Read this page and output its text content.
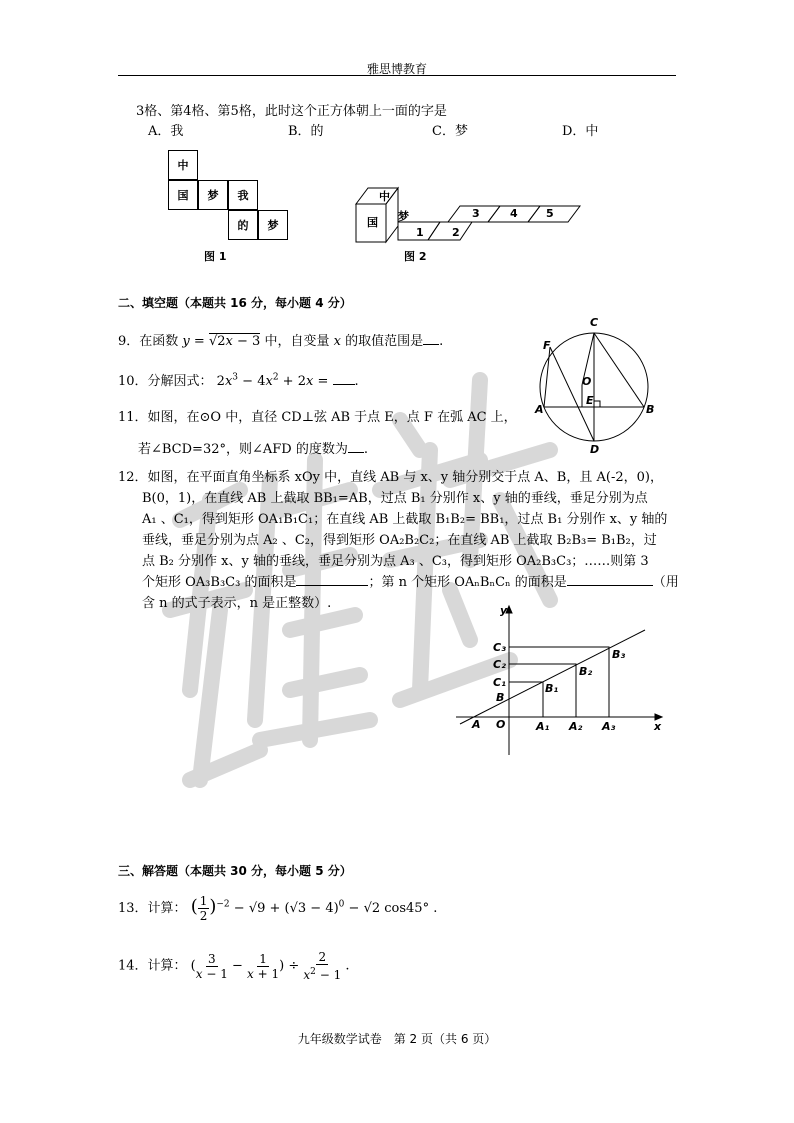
雅思博教育
3格、第4格、第5格，此时这个正方体朝上一面的字是
A．我	B．的	C．梦	D．中
中
国	梦	我
的	梦
图 1
中
国 梦
1	2
3	4	5
图 2
二、填空题（本题共 16 分，每小题 4 分）
9．在函数 y = √2x − 3 中，自变量 x 的取值范围是 .
10．分解因式： $2x^3 - 4x^2 + 2x$ = .
11．如图，在⊙O 中，直径 CD⊥弦 AB 于点 E，点 F 在弧 AC 上，
若∠BCD=32°，则∠AFD 的度数为 .
C
F
O
E
A	B
D
12．如图，在平面直角坐标系 xOy 中，直线 AB 与 x、y 轴分别交于点 A、B，且 A(-2，0)，
B(0，1)，在直线 AB 上截取 BB₁=AB，过点 B₁ 分别作 x、y 轴的垂线，垂足分别为点
A₁ 、C₁，得到矩形 OA₁B₁C₁；在直线 AB 上截取 B₁B₂= BB₁，过点 B₁ 分别作 x、y 轴的
垂线，垂足分别为点 A₂ 、C₂，得到矩形 OA₂B₂C₂；在直线 AB 上截取 B₂B₃= B₁B₂，过
点 B₂ 分别作 x、y 轴的垂线，垂足分别为点 A₃ 、C₃，得到矩形 OA₂B₃C₃；……则第 3
个矩形 OA₃B₃C₃ 的面积是	；第 n 个矩形 OAₙBₙCₙ 的面积是	（用
含 n 的式子表示，n 是正整数）.	y
x
O
A
B
A₁ A₂ A₃
C₁
C₂
C₃
B₁
B₂
B₃
三、解答题（本题共 30 分，每小题 5 分）
13．计算： ( $\frac{1}{2} )^{-2} - √9 + (√3 - 4)^0 - √2$ cos45° .
14．计算： ( $\frac{3}{x - 1} - \frac{1}{x + 1}$ ) ÷ $\frac{2}{x^2 - 1}$ .
九年级数学试卷　第 2 页（共 6 页）
